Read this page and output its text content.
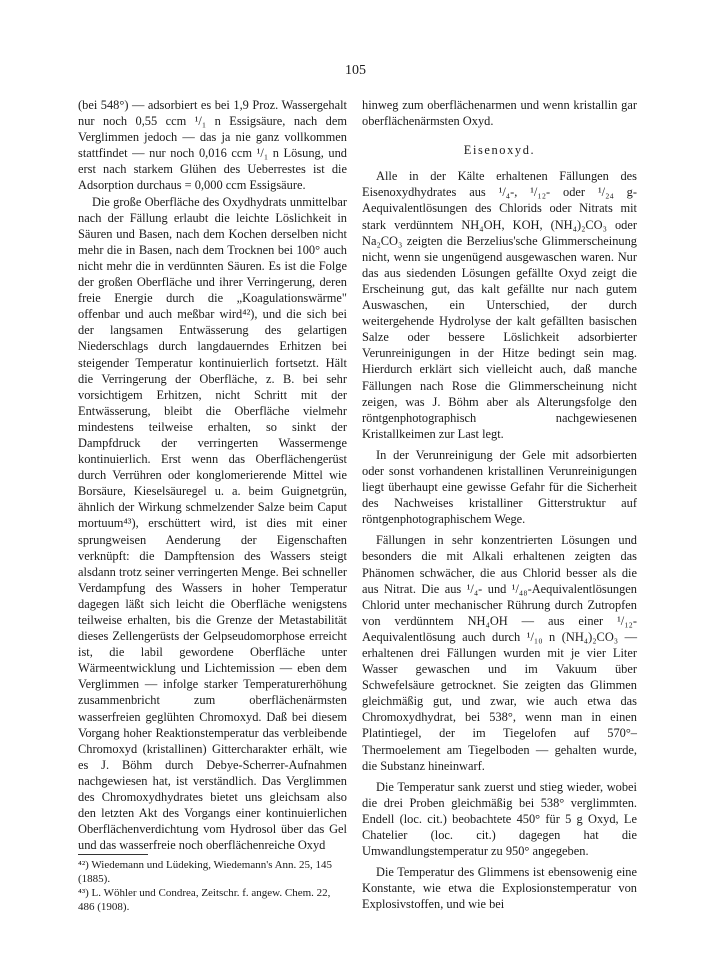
105

(bei 548°) — adsorbiert es bei 1,9 Proz. Wassergehalt nur noch 0,55 ccm ¹/₁ n Essigsäure, nach dem Verglimmen jedoch — das ja nie ganz vollkommen stattfindet — nur noch 0,016 ccm ¹/₁ n Lösung, und erst nach starkem Glühen des Ueberrestes ist die Adsorption durchaus = 0,000 ccm Essigsäure.

Die große Oberfläche des Oxydhydrats unmittelbar nach der Fällung erlaubt die leichte Löslichkeit in Säuren und Basen, nach dem Kochen derselben nicht mehr die in Basen, nach dem Trocknen bei 100° auch nicht mehr die in verdünnten Säuren. Es ist die Folge der großen Oberfläche und ihrer Verringerung, deren freie Energie durch die „Koagulationswärme" offenbar und auch meßbar wird⁴²), und die sich bei der langsamen Entwässerung des gelartigen Niederschlags durch langdauerndes Erhitzen bei steigender Temperatur kontinuierlich fortsetzt. Hält die Verringerung der Oberfläche, z. B. bei sehr vorsichtigem Erhitzen, nicht Schritt mit der Entwässerung, bleibt die Oberfläche vielmehr mindestens teilweise erhalten, so sinkt der Dampfdruck der verringerten Wassermenge kontinuierlich. Erst wenn das Oberflächengerüst durch Verrühren oder konglomerierende Mittel wie Borsäure, Kieselsäuregel u. a. beim Guignetgrün, ähnlich der Wirkung schmelzender Salze beim Caput mortuum⁴³), erschüttert wird, ist dies mit einer sprungweisen Aenderung der Eigenschaften verknüpft: die Dampftension des Wassers steigt alsdann trotz seiner verringerten Menge. Bei schneller Verdampfung des Wassers in hoher Temperatur dagegen läßt sich leicht die Oberfläche wenigstens teilweise erhalten, bis die Grenze der Metastabilität dieses Zellengerüsts der Gelpseudomorphose erreicht ist, die labil gewordene Oberfläche unter Wärmeentwicklung und Lichtemission — eben dem Verglimmen — infolge starker Temperaturerhöhung zusammenbricht zum oberflächenärmsten wasserfreien geglühten Chromoxyd. Daß bei diesem Vorgang hoher Reaktionstemperatur das verbleibende Chromoxyd (kristallinen) Gittercharakter erhält, wie es J. Böhm durch Debye-Scherrer-Aufnahmen nachgewiesen hat, ist verständlich. Das Verglimmen des Chromoxydhydrates bietet uns gleichsam also den letzten Akt des Vorgangs einer kontinuierlichen Oberflächenverdichtung vom Hydrosol über das Gel und das wasserfreie noch oberflächenreiche Oxyd

hinweg zum oberflächenarmen und wenn kristallin gar oberflächenärmsten Oxyd.

Eisenoxyd.

Alle in der Kälte erhaltenen Fällungen des Eisenoxydhydrates aus ¹/₄-, ¹/₁₂- oder ¹/₂₄ g-Aequivalentlösungen des Chlorids oder Nitrats mit stark verdünntem NH₄OH, KOH, (NH₄)₂CO₃ oder Na₂CO₃ zeigten die Berzelius'sche Glimmerscheinung nicht, wenn sie ungenügend ausgewaschen waren. Nur das aus siedenden Lösungen gefällte Oxyd zeigt die Erscheinung gut, das kalt gefällte nur nach gutem Auswaschen, ein Unterschied, der durch weitergehende Hydrolyse der kalt gefällten basischen Salze oder bessere Löslichkeit adsorbierter Verunreinigungen in der Hitze bedingt sein mag. Hierdurch erklärt sich vielleicht auch, daß manche Fällungen nach Rose die Glimmerscheinung nicht zeigen, was J. Böhm aber als Alterungsfolge den röntgenphotographisch nachgewiesenen Kristallkeimen zur Last legt.

In der Verunreinigung der Gele mit adsorbierten oder sonst vorhandenen kristallinen Verunreinigungen liegt überhaupt eine gewisse Gefahr für die Sicherheit des Nachweises kristalliner Gitterstruktur auf röntgenphotographischem Wege.

Fällungen in sehr konzentrierten Lösungen und besonders die mit Alkali erhaltenen zeigten das Phänomen schwächer, die aus Chlorid besser als die aus Nitrat. Die aus ¹/₄- und ¹/₄₈-Aequivalentlösungen Chlorid unter mechanischer Rührung durch Zutropfen von verdünntem NH₄OH — aus einer ¹/₁₂-Aequivalentlösung auch durch ¹/₁₀ n (NH₄)₂CO₃ — erhaltenen drei Fällungen wurden mit je vier Liter Wasser gewaschen und im Vakuum über Schwefelsäure getrocknet. Sie zeigten das Glimmen gleichmäßig gut, und zwar, wie auch etwa das Chromoxydhydrat, bei 538°, wenn man in einen Platintiegel, der im Tiegelofen auf 570°–Thermoelement am Tiegelboden — gehalten wurde, die Substanz hineinwarf.

Die Temperatur sank zuerst und stieg wieder, wobei die drei Proben gleichmäßig bei 538° verglimmten. Endell (loc. cit.) beobachtete 450° für 5 g Oxyd, Le Chatelier (loc. cit.) dagegen hat die Umwandlungstemperatur zu 950° angegeben.

Die Temperatur des Glimmens ist ebensowenig eine Konstante, wie etwa die Explosionstemperatur von Explosivstoffen, und wie bei

⁴²) Wiedemann und Lüdeking, Wiedemann's Ann. 25, 145 (1885).
⁴³) L. Wöhler und Condrea, Zeitschr. f. angew. Chem. 22, 486 (1908).
